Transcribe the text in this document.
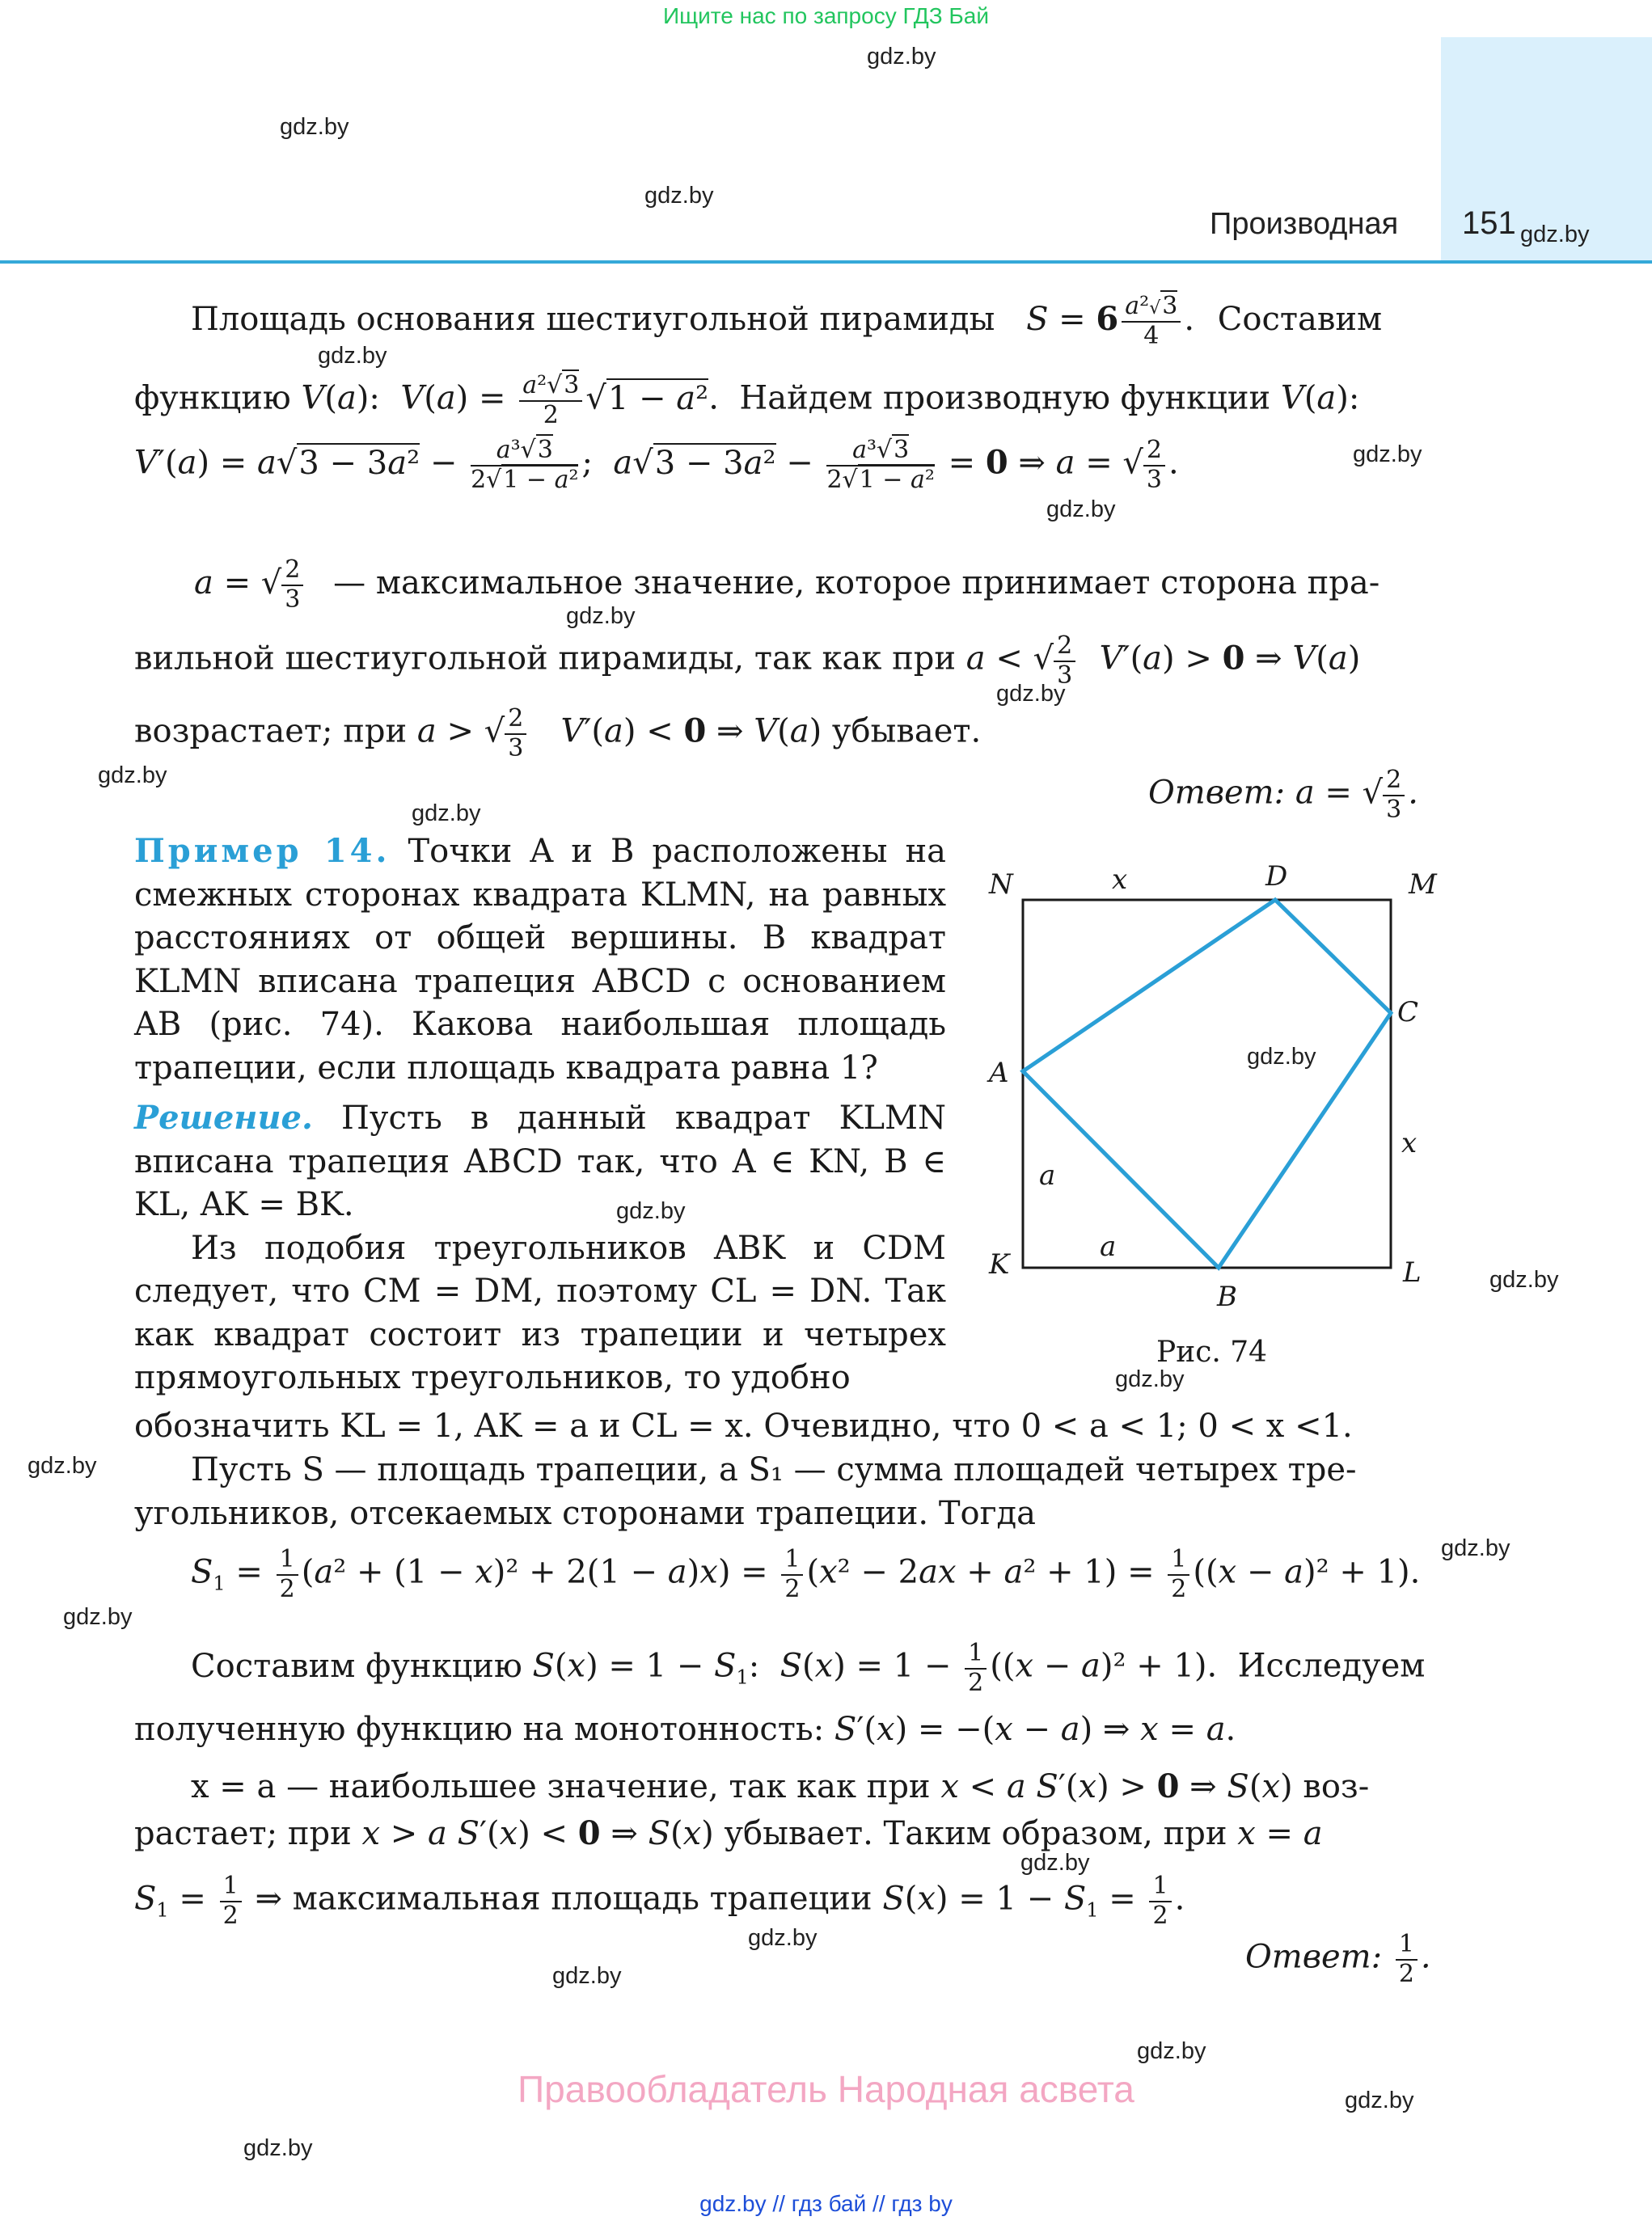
Ищите нас по запросу ГДЗ Бай
Производная 151
gdz.by
gdz.by
gdz.by
gdz.by
gdz.by
gdz.by
gdz.by
gdz.by
gdz.by
gdz.by
gdz.by
gdz.by
gdz.by
gdz.by
gdz.by
gdz.by
gdz.by
gdz.by
gdz.by
gdz.by
gdz.by
gdz.by
gdz.by
gdz.by
Площадь основания шестиугольной пирамиды $S = 6 \frac{\text{a²√3}}{4}$ . Составим
функцию V(a):  $V(a) = \frac{\text{a²√3}}{2} √1 - a^2$.  Найдем производную функции V(a):
$V'(a) = a√3 - 3a^2 - \frac{\text{a³√3}}{\text{2√1 − a²}}$ ;  $a√3 - 3a^2 - \frac{\text{a³√3}}{\text{2√1 − a²}} = 0$ ⇒ a = √ $\frac{2}{3}$ .
a = √ $\frac{2}{3}$ — максимальное значение, которое принимает сторона пра-
вильной шестиугольной пирамиды, так как при a < √ $\frac{2}{3} V'(a) > 0$ ⇒ V(a)
возрастает; при a > √ $\frac{2}{3} V'(a) < 0$ ⇒ V(a) убывает.
Ответ: a = √ $\frac{2}{3}$ .

Пример 14. Точки A и B расположены на смежных сторонах квадрата KLMN, на равных расстояниях от общей вершины. В квадрат KLMN вписана трапеция ABCD с основанием AB (рис. 74). Какова наибольшая площадь трапеции, если площадь квадрата равна 1?

Решение. Пусть в данный квадрат KLMN вписана трапеция ABCD так, что A ∈ KN, B ∈ KL, AK = BK.

Из подобия треугольников ABK и CDM следует, что CM = DM, поэтому CL = DN. Так как квадрат состоит из трапеции и четырех прямоугольных треугольников, то удобно

N	M
K	L
A
B
C
D
x
x
a
a
Рис. 74
обозначить KL = 1, AK = a и CL = x. Очевидно, что 0 < a < 1; 0 < x <1.
Пусть S — площадь трапеции, а S₁ — сумма площадей четырех тре-
угольников, отсекаемых сторонами трапеции. Тогда
$S_1 = \frac{1}{2} (a^2 + (1 - x)^2 + 2(1 - a)x) = \frac{1}{2} (x^2 - 2ax + a^2 + 1) = \frac{1}{2} ((x - a)^2 + 1)$.
Составим функцию $S(x) = 1 - S_1$:  $S(x) = 1 - \frac{1}{2} ((x - a)^2 + 1)$.  Исследуем
полученную функцию на монотонность: S′(x) = −(x − a) ⇒ x = a.
x = a — наибольшее значение, так как при x < a S′(x) > 0 ⇒ S(x) воз-
растает; при x > a S′(x) < 0 ⇒ S(x) убывает. Таким образом, при x = a
$S_1 = \frac{1}{2}$ ⇒ максимальная площадь трапеции $S(x) = 1 - S_1 = \frac{1}{2}$ .
Ответ: $\frac{1}{2}$ .
Правообладатель Народная асвета
gdz.by // гдз бай // гдз by
